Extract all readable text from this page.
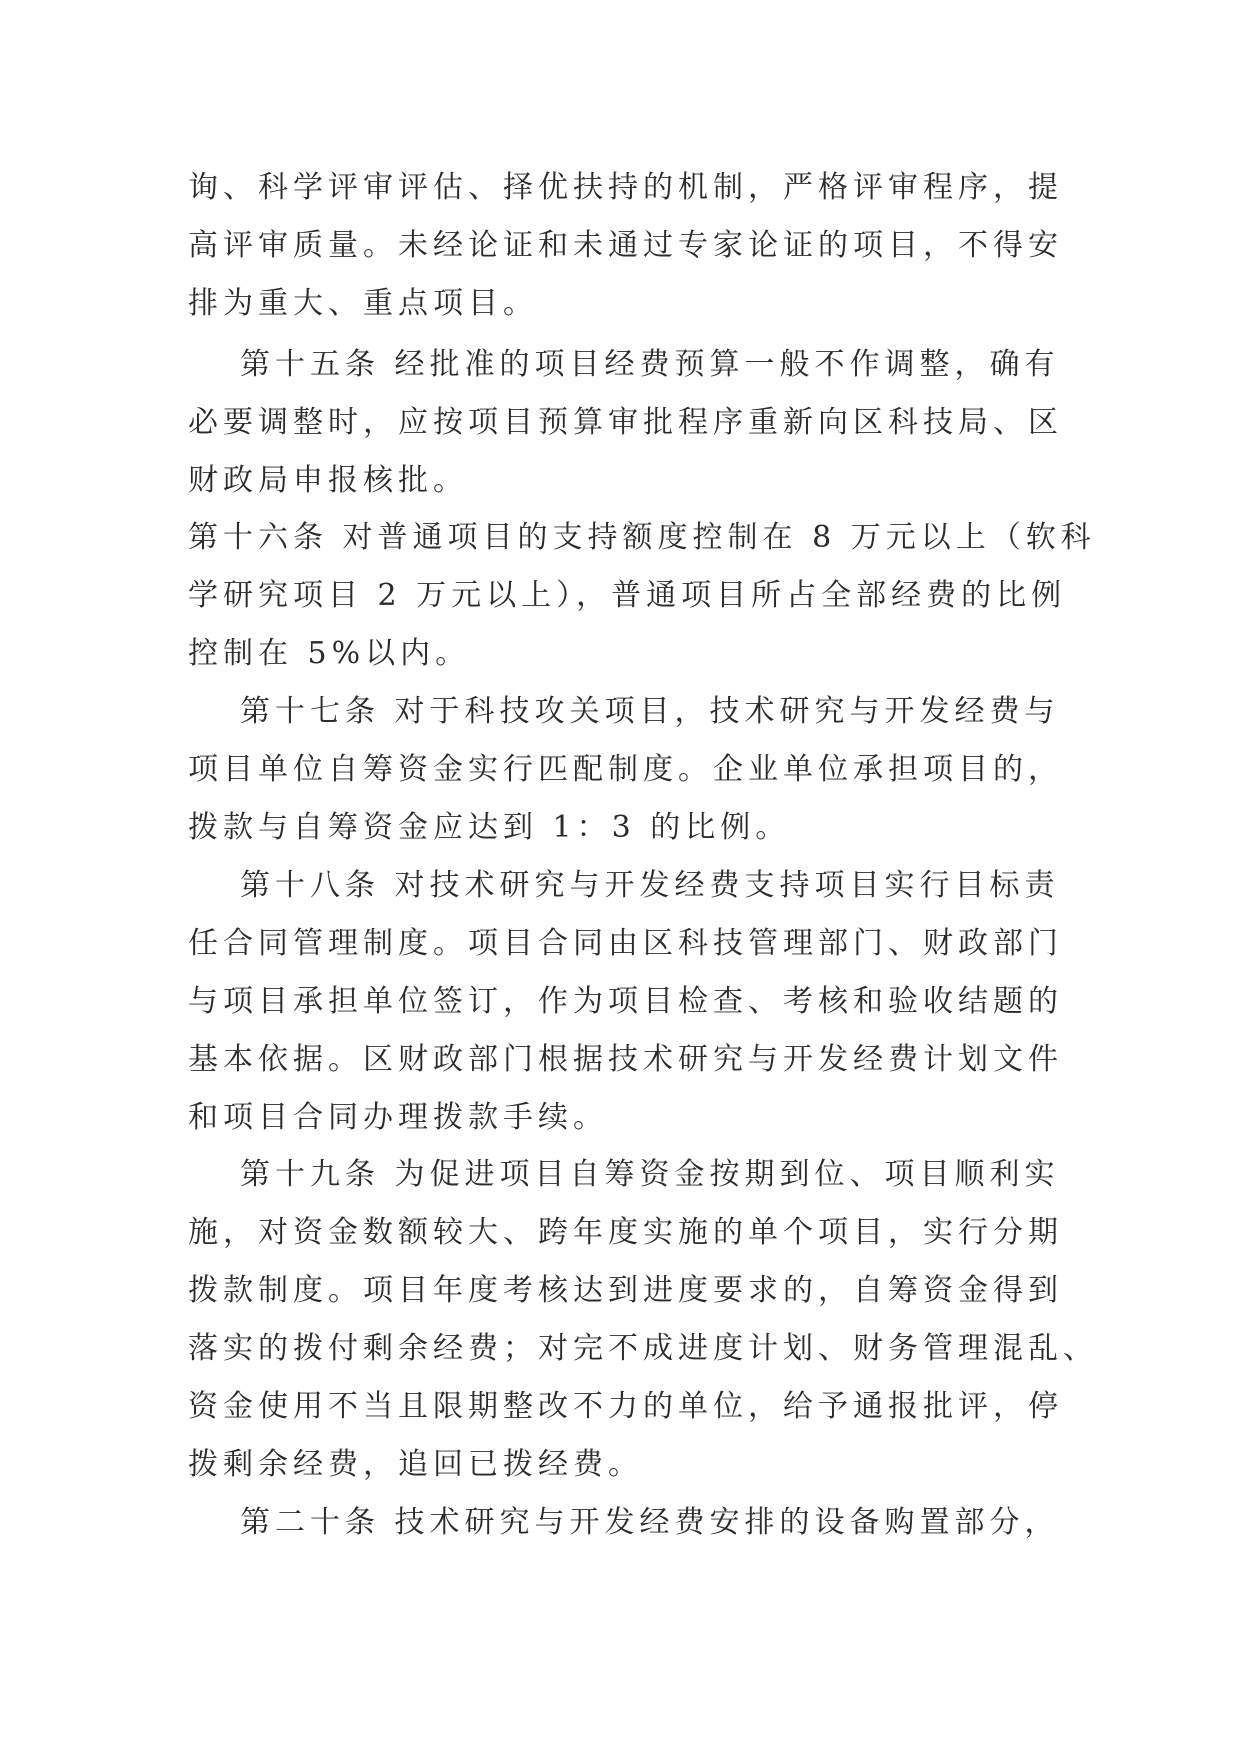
询、科学评审评估、择优扶持的机制，严格评审程序，提
高评审质量。未经论证和未通过专家论证的项目，不得安
排为重大、重点项目。
第十五条 经批准的项目经费预算一般不作调整，确有
必要调整时，应按项目预算审批程序重新向区科技局、区
财政局申报核批。
第十六条 对普通项目的支持额度控制在 8 万元以上（软科
学研究项目 2 万元以上），普通项目所占全部经费的比例
控制在 5%以内。
第十七条 对于科技攻关项目，技术研究与开发经费与
项目单位自筹资金实行匹配制度。企业单位承担项目的，
拨款与自筹资金应达到 1：3 的比例。
第十八条 对技术研究与开发经费支持项目实行目标责
任合同管理制度。项目合同由区科技管理部门、财政部门
与项目承担单位签订，作为项目检查、考核和验收结题的
基本依据。区财政部门根据技术研究与开发经费计划文件
和项目合同办理拨款手续。
第十九条 为促进项目自筹资金按期到位、项目顺利实
施，对资金数额较大、跨年度实施的单个项目，实行分期
拨款制度。项目年度考核达到进度要求的，自筹资金得到
落实的拨付剩余经费；对完不成进度计划、财务管理混乱、
资金使用不当且限期整改不力的单位，给予通报批评，停
拨剩余经费，追回已拨经费。
第二十条 技术研究与开发经费安排的设备购置部分，
